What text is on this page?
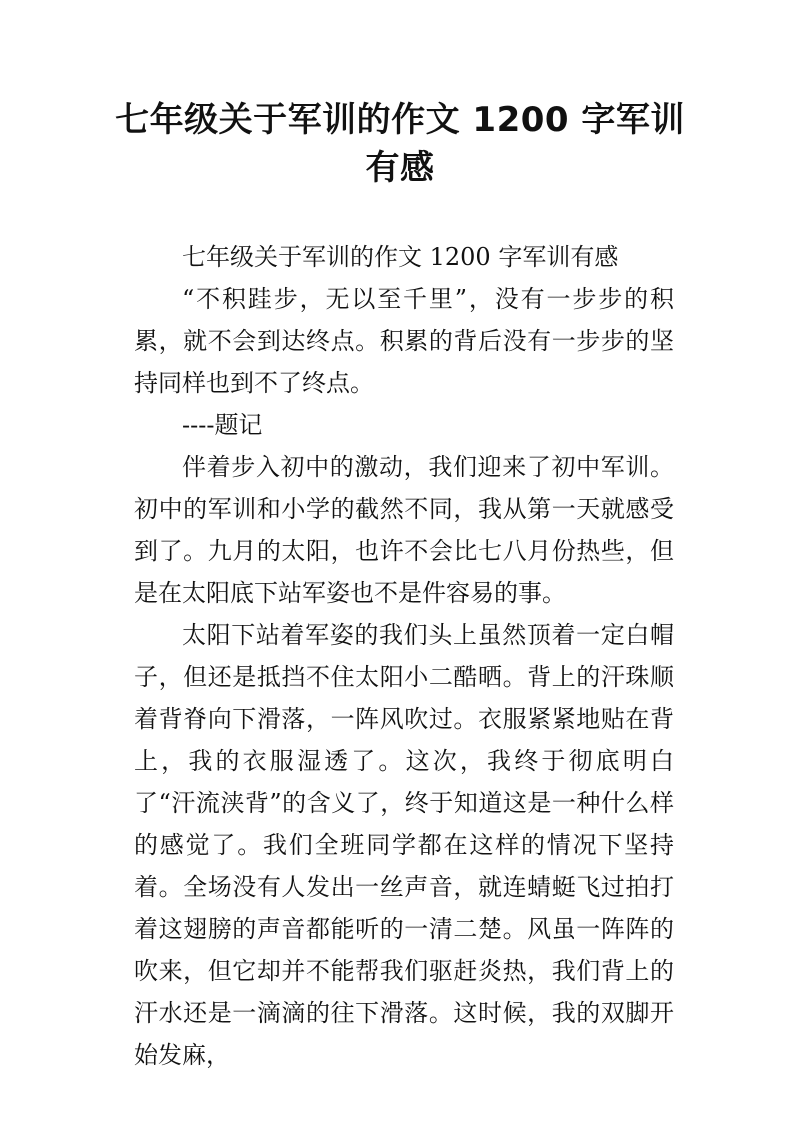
七年级关于军训的作文 1200 字军训有感

七年级关于军训的作文 1200 字军训有感

“不积跬步，无以至千里”，没有一步步的积累，就不会到达终点。积累的背后没有一步步的坚持同样也到不了终点。

----题记

伴着步入初中的激动，我们迎来了初中军训。初中的军训和小学的截然不同，我从第一天就感受到了。九月的太阳，也许不会比七八月份热些，但是在太阳底下站军姿也不是件容易的事。

太阳下站着军姿的我们头上虽然顶着一定白帽子，但还是抵挡不住太阳小二酷晒。背上的汗珠顺着背脊向下滑落，一阵风吹过。衣服紧紧地贴在背上，我的衣服湿透了。这次，我终于彻底明白了“汗流浃背”的含义了，终于知道这是一种什么样的感觉了。我们全班同学都在这样的情况下坚持着。全场没有人发出一丝声音，就连蜻蜓飞过拍打着这翅膀的声音都能听的一清二楚。风虽一阵阵的吹来，但它却并不能帮我们驱赶炎热，我们背上的汗水还是一滴滴的往下滑落。这时候，我的双脚开始发麻，
